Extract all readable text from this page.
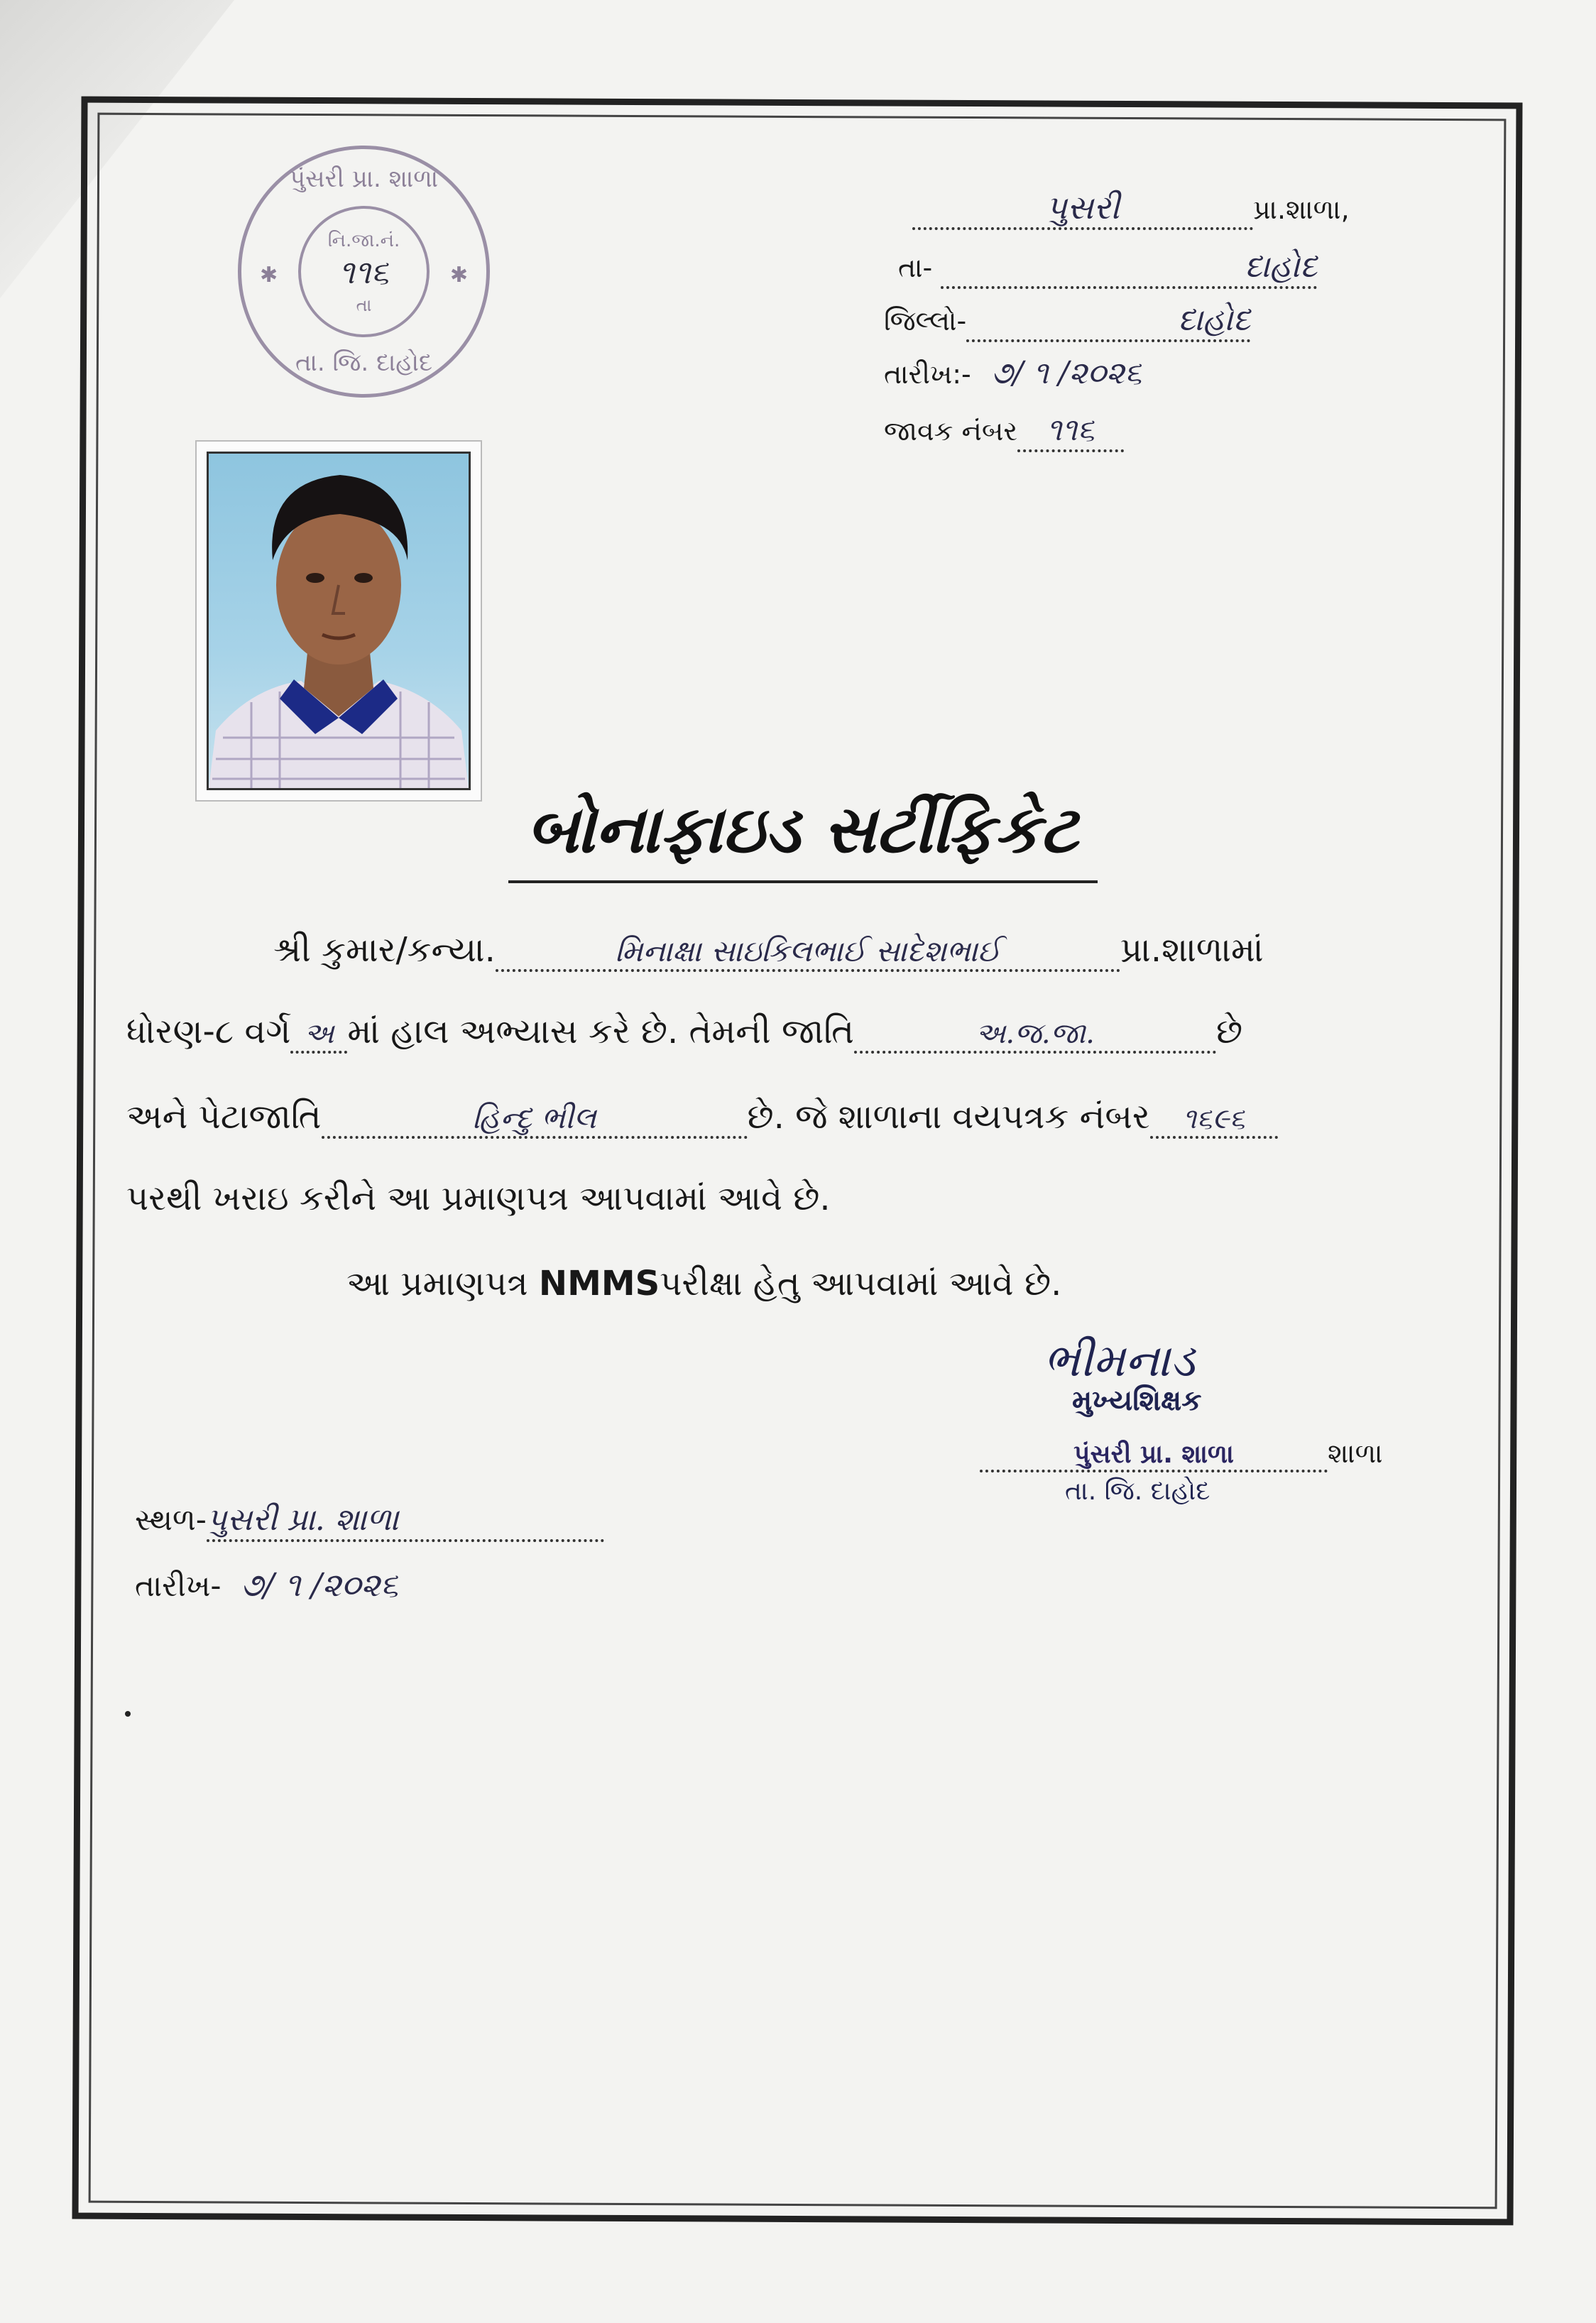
પુંસરી પ્રા. શાળા
નિ.જા.નં.
૧૧૬
તા
✱	✱
તા. જિ. દાહોદ
પુસરી	પ્રા.શાળા,
તા-	દાહોદ
જિલ્લો-	દાહોદ
તારીખ:- ૭/ ૧ /૨૦૨૬
જાવક નંબર ૧૧૬
બોનાફાઇડ સર્ટીફિકેટ
શ્રી કુમાર/કન્યા.	મિનાક્ષા સાઇકિલભાઈ સાદેશભાઈ	પ્રા.શાળામાં
ધોરણ-૮ વર્ગ અ માં હાલ અભ્યાસ કરે છે. તેમની જાતિ	અ.જ.જા.	છે
અને પેટાજાતિ	હિન્દુ ભીલ	છે. જે શાળાના વયપત્રક નંબર ૧૬૯૬
પરથી ખરાઇ કરીને આ પ્રમાણપત્ર આપવામાં આવે છે.
આ પ્રમાણપત્ર NMMSપરીક્ષા હેતુ આપવામાં આવે છે.
ભીમનાડ
મુખ્યશિક્ષક
પુંસરી પ્રા. શાળા	શાળા
તા. જિ. દાહોદ
સ્થળ-પુસરી પ્રા. શાળા
તારીખ- ૭/ ૧ /૨૦૨૬
